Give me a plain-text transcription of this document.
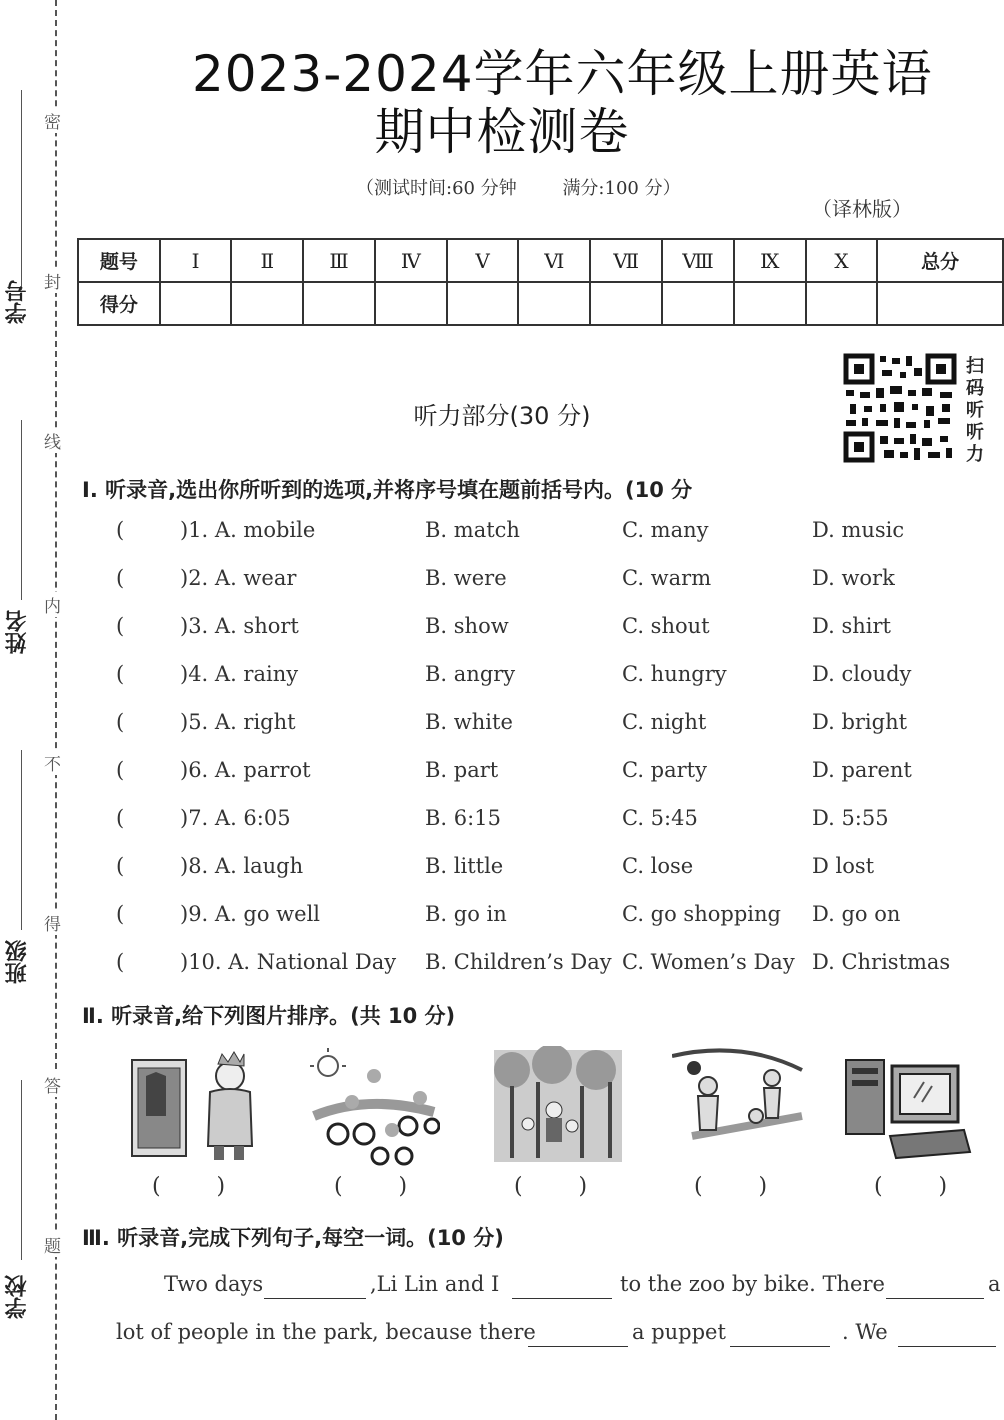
学号
姓名
班级
学校
密
封
线
内
不
得
答
题
2023-2024学年六年级上册英语
期中检测卷
（测试时间:60 分钟	满分:100 分）
（译林版）
题号	Ⅰ	Ⅱ	Ⅲ	Ⅳ	Ⅴ	Ⅵ	Ⅶ	Ⅷ	Ⅸ	Ⅹ	总分
得分											
扫码听听力
听力部分(30 分)
Ⅰ. 听录音,选出你所听到的选项,并将序号填在题前括号内。(10 分
(	)1. A. mobile	B. match	C. many	D. music
(	)2. A. wear	B. were	C. warm	D. work
(	)3. A. short	B. show	C. shout	D. shirt
(	)4. A. rainy	B. angry	C. hungry	D. cloudy
(	)5. A. right	B. white	C. night	D. bright
(	)6. A. parrot	B. part	C. party	D. parent
(	)7. A. 6:05	B. 6:15	C. 5:45	D. 5:55
(	)8. A. laugh	B. little	C. lose	D lost
(	)9. A. go well	B. go in	C. go shopping D. go on
(	)10. A. National Day B. Children’s Day C. Women’s Day D. Christmas
Ⅱ. 听录音,给下列图片排序。(共 10 分)
(        )	(        )	(        )	(        )	(        )
Ⅲ. 听录音,完成下列句子,每空一词。(10 分)
Two days	,Li Lin and I	to the zoo by bike. There	a
lot of people in the park, because there	a puppet	. We
